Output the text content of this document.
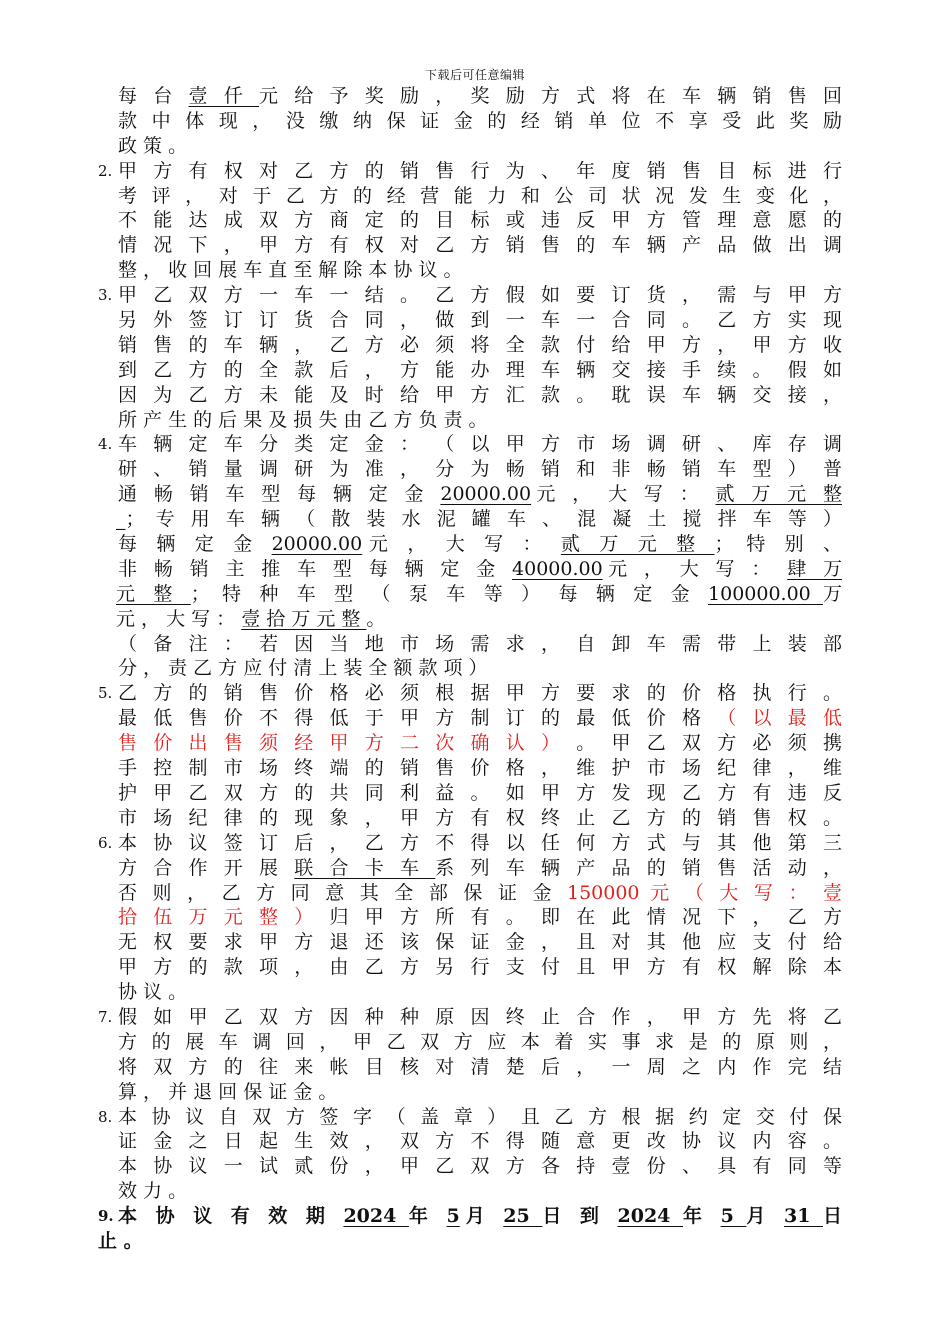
下载后可任意编辑
每 台 壹 仟 元 给 予 奖 励 ， 奖 励 方 式 将 在 车 辆 销 售 回
款 中 体 现 ， 没 缴 纳 保 证 金 的 经 销 单 位 不 享 受 此 奖 励
政 策 。
2. 甲 方 有 权 对 乙 方 的 销 售 行 为 、 年 度 销 售 目 标 进 行
考 评 ， 对 于 乙 方 的 经 营 能 力 和 公 司 状 况 发 生 变 化 ，
不 能 达 成 双 方 商 定 的 目 标 或 违 反 甲 方 管 理 意 愿 的
情 况 下 ， 甲 方 有 权 对 乙 方 销 售 的 车 辆 产 品 做 出 调
整 ， 收 回 展 车 直 至 解 除 本 协 议 。
3. 甲 乙 双 方 一 车 一 结 。 乙 方 假 如 要 订 货 ， 需 与 甲 方
另 外 签 订 订 货 合 同 ， 做 到 一 车 一 合 同 。 乙 方 实 现
销 售 的 车 辆 ， 乙 方 必 须 将 全 款 付 给 甲 方 ， 甲 方 收
到 乙 方 的 全 款 后 ， 方 能 办 理 车 辆 交 接 手 续 。 假 如
因 为 乙 方 未 能 及 时 给 甲 方 汇 款 。 耽 误 车 辆 交 接 ，
所 产 生 的 后 果 及 损 失 由 乙 方 负 责 。
4. 车 辆 定 车 分 类 定 金 ： （ 以 甲 方 市 场 调 研 、 库 存 调
研 、 销 量 调 研 为 准 ， 分 为 畅 销 和 非 畅 销 车 型 ） 普
通 畅 销 车 型 每 辆 定 金 20000.00元 ， 大 写 ： 贰 万 元 整
_； 专 用 车 辆 （ 散 装 水 泥 罐 车 、 混 凝 土 搅 拌 车 等 ）
每 辆 定 金 20000.00元 ， 大 写 ： 贰 万 元 整 ； 特 别 、
非 畅 销 主 推 车 型 每 辆 定 金 40000.00元 ， 大 写 ： 肆 万
元 整 ； 特 种 车 型 （ 泵 车 等 ） 每 辆 定 金 100000.00 万
元 ， 大 写 ： 壹 拾 万 元 整 。
（ 备 注 ： 若 因 当 地 市 场 需 求 ， 自 卸 车 需 带 上 装 部
分 ， 责 乙 方 应 付 清 上 装 全 额 款 项 ）
5. 乙 方 的 销 售 价 格 必 须 根 据 甲 方 要 求 的 价 格 执 行 。
最 低 售 价 不 得 低 于 甲 方 制 订 的 最 低 价 格 （ 以 最 低
售 价 出 售 须 经 甲 方 二 次 确 认 ） 。 甲 乙 双 方 必 须 携
手 控 制 市 场 终 端 的 销 售 价 格 ， 维 护 市 场 纪 律 ， 维
护 甲 乙 双 方 的 共 同 利 益 。 如 甲 方 发 现 乙 方 有 违 反
市 场 纪 律 的 现 象 ， 甲 方 有 权 终 止 乙 方 的 销 售 权 。
6. 本 协 议 签 订 后 ， 乙 方 不 得 以 任 何 方 式 与 其 他 第 三
方 合 作 开 展 联 合 卡 车 系 列 车 辆 产 品 的 销 售 活 动 ，
否 则 ， 乙 方 同 意 其 全 部 保 证 金 150000 元 （ 大 写 ： 壹
拾 伍 万 元 整 ） 归 甲 方 所 有 。 即 在 此 情 况 下 ， 乙 方
无 权 要 求 甲 方 退 还 该 保 证 金 ， 且 对 其 他 应 支 付 给
甲 方 的 款 项 ， 由 乙 方 另 行 支 付 且 甲 方 有 权 解 除 本
协 议 。
7. 假 如 甲 乙 双 方 因 种 种 原 因 终 止 合 作 ， 甲 方 先 将 乙
方 的 展 车 调 回 ， 甲 乙 双 方 应 本 着 实 事 求 是 的 原 则 ，
将 双 方 的 往 来 帐 目 核 对 清 楚 后 ， 一 周 之 内 作 完 结
算 ， 并 退 回 保 证 金 。
8. 本 协 议 自 双 方 签 字 （ 盖 章 ） 且 乙 方 根 据 约 定 交 付 保
证 金 之 日 起 生 效 ， 双 方 不 得 随 意 更 改 协 议 内 容 。
本 协 议 一 试 贰 份 ， 甲 乙 双 方 各 持 壹 份 、 具 有 同 等
效 力 。
9. 本 协 议 有 效 期 2024 年 5月 25 日 到 2024 年 5 月 31 日
止 。
